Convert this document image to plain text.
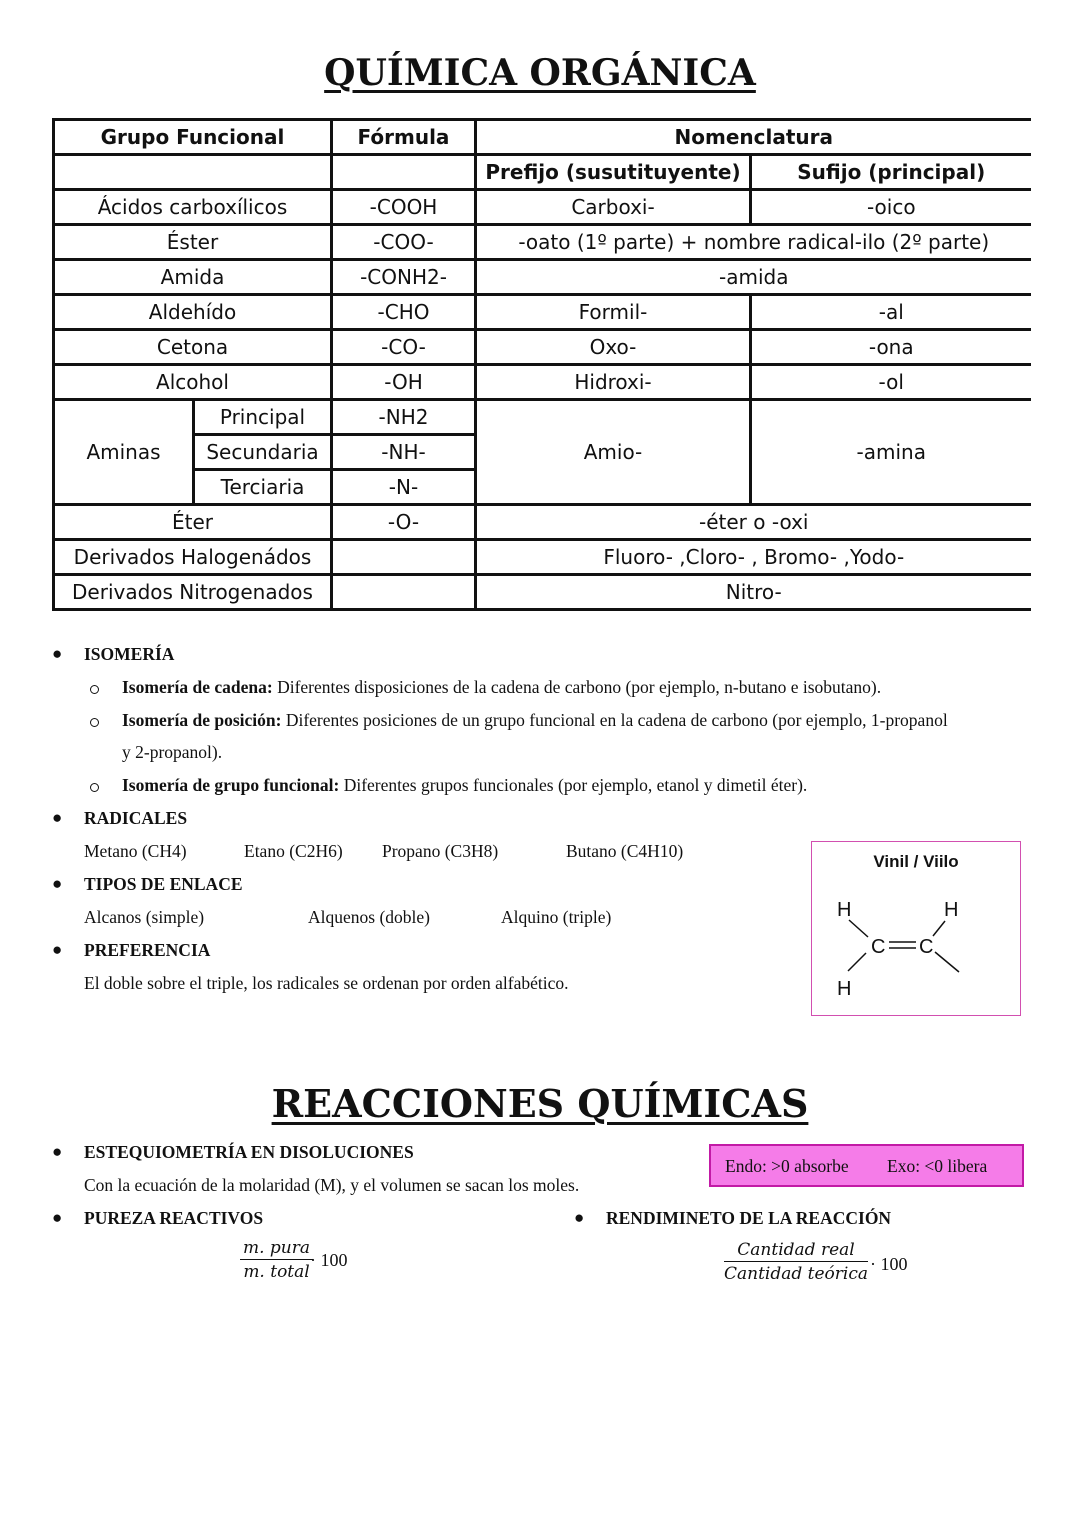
QUÍMICA ORGÁNICA
Grupo Funcional		Fórmula	Nomenclatura	
			Prefijo (susutituyente)	Sufijo (principal)
Ácidos carboxílicos		-COOH	Carboxi-	-oico
Éster		-COO-	-oato (1º parte) + nombre radical-ilo (2º parte)	
Amida		-CONH2-	-amida	
Aldehído		-CHO	Formil-	-al
Cetona		-CO-	Oxo-	-ona
Alcohol		-OH	Hidroxi-	-ol
Aminas	Principal	-NH2	Amio-	-amina
	Secundaria	-NH-		
	Terciaria	-N-		
Éter		-O-	-éter o -oxi	
Derivados Halogenádos			Fluoro- ,Cloro- , Bromo- ,Yodo-	
Derivados Nitrogenados			Nitro-	
● ISOMERÍA
Isomería de cadena: Diferentes disposiciones de la cadena de carbono (por ejemplo, n-butano e isobutano).
Isomería de posición: Diferentes posiciones de un grupo funcional en la cadena de carbono (por ejemplo, 1-propanol
y 2-propanol).
Isomería de grupo funcional: Diferentes grupos funcionales (por ejemplo, etanol y dimetil éter).
● RADICALES
Metano (CH4)	Etano (C2H6) Propano (C3H8)	Butano (C4H10)
● TIPOS DE ENLACE
Alcanos (simple)	Alquenos (doble)	Alquino (triple)
● PREFERENCIA
El doble sobre el triple, los radicales se ordenan por orden alfabético.
Vinil / Viilo
H	H
H
C C
REACCIONES QUÍMICAS
● ESTEQUIOMETRÍA EN DISOLUCIONES
Con la ecuación de la molaridad (M), y el volumen se sacan los moles.
Endo: >0 absorbe Exo: <0 libera
● PUREZA REACTIVOS
m. pura
m. total
· 100
● RENDIMINETO DE LA REACCIÓN
Cantidad real
Cantidad teórica · 100
